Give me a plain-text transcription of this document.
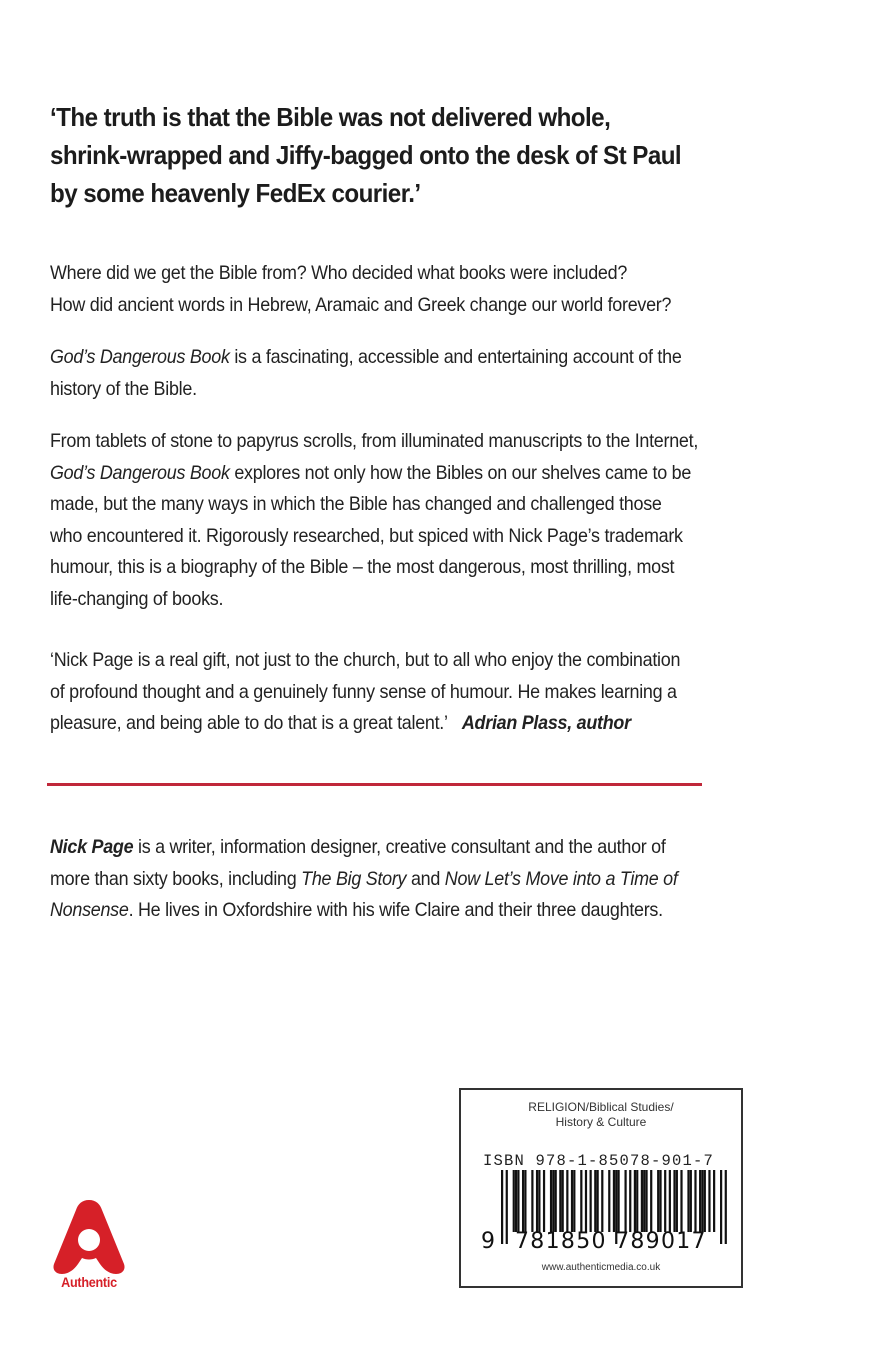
‘The truth is that the Bible was not delivered whole,
shrink-wrapped and Jiffy-bagged onto the desk of St Paul
by some heavenly FedEx courier.’
Where did we get the Bible from? Who decided what books were included?
How did ancient words in Hebrew, Aramaic and Greek change our world forever?
God’s Dangerous Book is a fascinating, accessible and entertaining account of the
history of the Bible.
From tablets of stone to papyrus scrolls, from illuminated manuscripts to the Internet,
God’s Dangerous Book explores not only how the Bibles on our shelves came to be
made, but the many ways in which the Bible has changed and challenged those
who encountered it. Rigorously researched, but spiced with Nick Page’s trademark
humour, this is a biography of the Bible – the most dangerous, most thrilling, most
life-changing of books.
‘Nick Page is a real gift, not just to the church, but to all who enjoy the combination
of profound thought and a genuinely funny sense of humour. He makes learning a
pleasure, and being able to do that is a great talent.’ Adrian Plass, author
Nick Page is a writer, information designer, creative consultant and the author of
more than sixty books, including The Big Story and Now Let’s Move into a Time of
Nonsense. He lives in Oxfordshire with his wife Claire and their three daughters.
RELIGION/Biblical Studies/
History & Culture
ISBN 978-1-85078-901-7
9 781850 789017
www.authenticmedia.co.uk
Authentic
